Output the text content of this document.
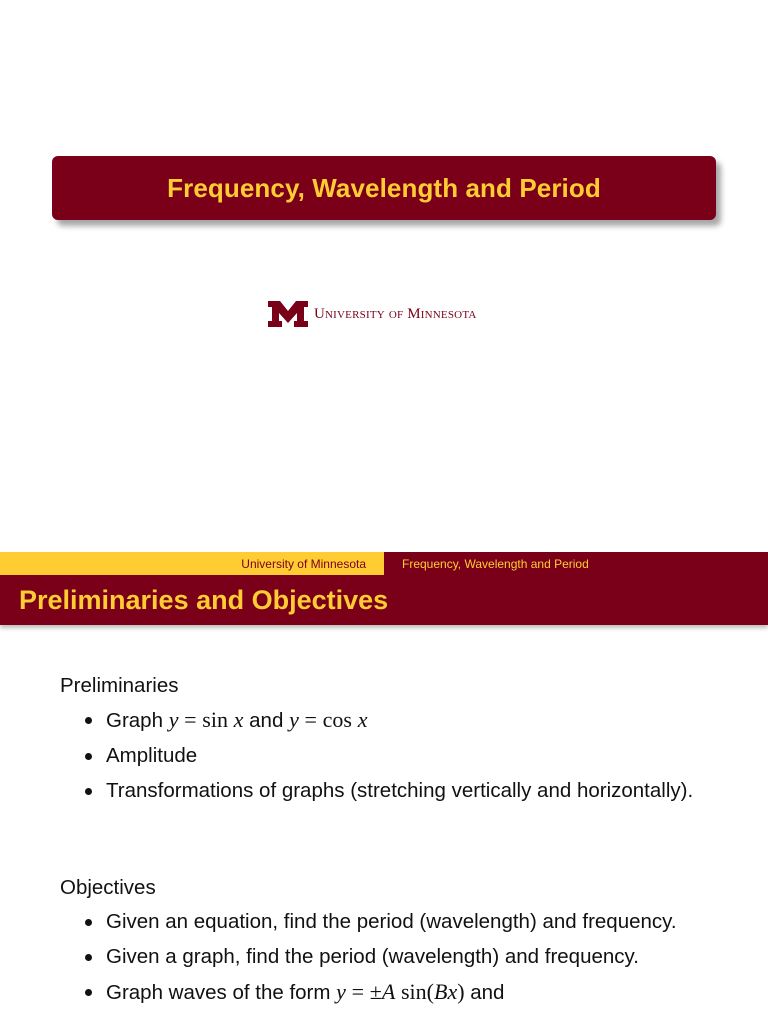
Frequency, Wavelength and Period
University of Minnesota
University of Minnesota	Frequency, Wavelength and Period
Preliminaries and Objectives

Preliminaries

Graph y = sin x and y = cos x
Amplitude
Transformations of graphs (stretching vertically and horizontally).

Objectives

Given an equation, find the period (wavelength) and frequency.
Given a graph, find the period (wavelength) and frequency.
Graph waves of the form y = ±A sin(Bx) and
